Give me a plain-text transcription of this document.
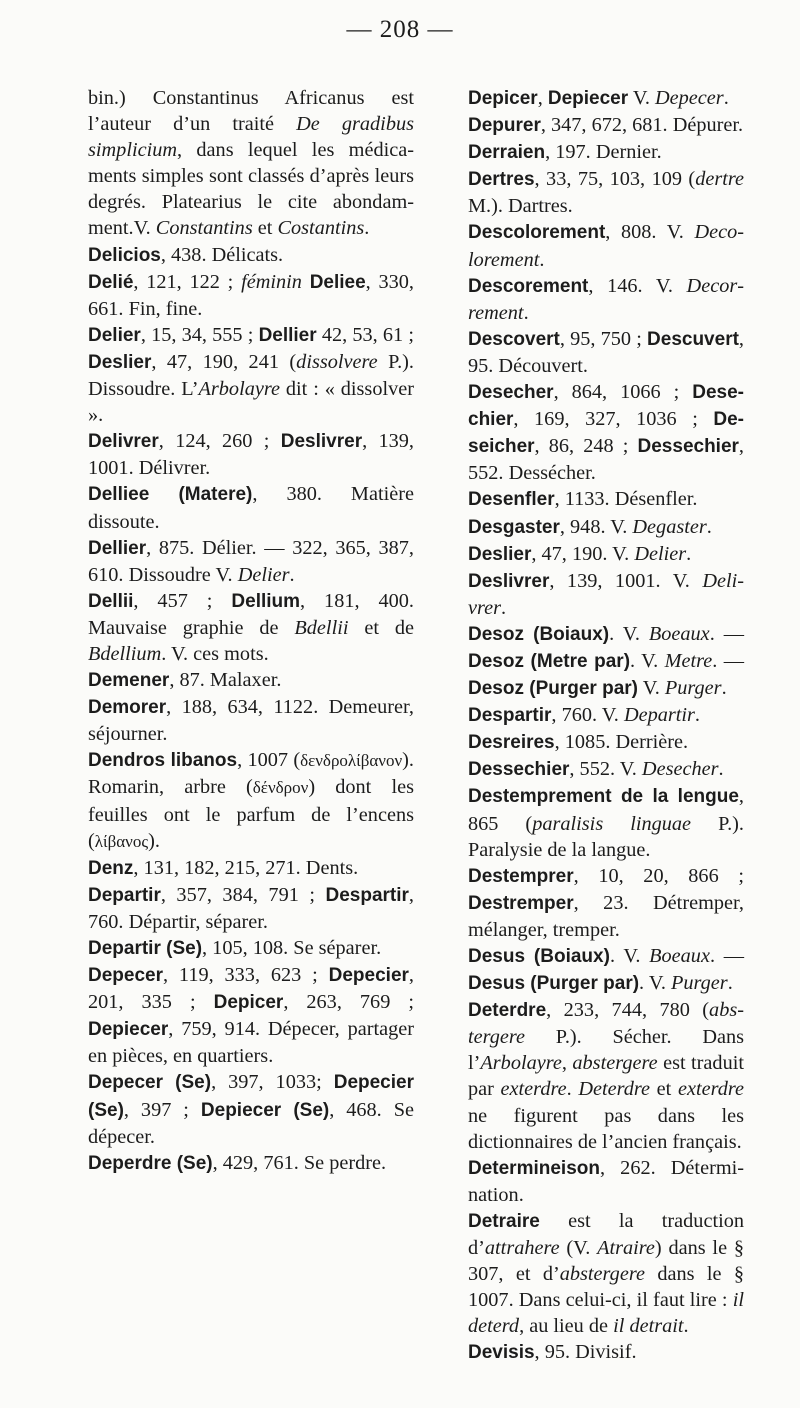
— 208 —

bin.) Constantinus Africanus est l’auteur d’un traité De gradibus simplicium, dans lequel les médicaments simples sont classés d’après leurs degrés. Platearius le cite abondamment.V. Constantins et Costantins.

Delicios, 438. Délicats.

Delié, 121, 122 ; féminin Deliee, 330, 661. Fin, fine.

Delier, 15, 34, 555 ; Dellier 42, 53, 61 ; Deslier, 47, 190, 241 (dissolvere P.). Dissoudre. L’Arbolayre dit : « dissolver ».

Delivrer, 124, 260 ; Deslivrer, 139, 1001. Délivrer.

Delliee (Matere), 380. Matière dissoute.

Dellier, 875. Délier. — 322, 365, 387, 610. Dissoudre V. Delier.

Dellii, 457 ; Dellium, 181, 400. Mauvaise graphie de Bdellii et de Bdellium. V. ces mots.

Demener, 87. Malaxer.

Demorer, 188, 634, 1122. Demeurer, séjourner.

Dendros libanos, 1007 (δενδρολίβανον). Romarin, arbre (δένδρον) dont les feuilles ont le parfum de l’encens (λίβανος).

Denz, 131, 182, 215, 271. Dents.

Departir, 357, 384, 791 ; Despartir, 760. Départir, séparer.

Departir (Se), 105, 108. Se séparer.

Depecer, 119, 333, 623 ; Depecier, 201, 335 ; Depicer, 263, 769 ; Depiecer, 759, 914. Dépecer, partager en pièces, en quartiers.

Depecer (Se), 397, 1033; Depecier (Se), 397 ; Depiecer (Se), 468. Se dépecer.

Deperdre (Se), 429, 761. Se perdre.

Depicer, Depiecer V. Depecer.

Depurer, 347, 672, 681. Dépurer.

Derraien, 197. Dernier.

Dertres, 33, 75, 103, 109 (dertre M.). Dartres.

Descolorement, 808. V. Decolorement.

Descorement, 146. V. Decorrement.

Descovert, 95, 750 ; Descuvert, 95. Découvert.

Desecher, 864, 1066 ; Desechier, 169, 327, 1036 ; Deseicher, 86, 248 ; Dessechier, 552. Dessécher.

Desenfler, 1133. Désenfler.

Desgaster, 948. V. Degaster.

Deslier, 47, 190. V. Delier.

Deslivrer, 139, 1001. V. Delivrer.

Desoz (Boiaux). V. Boeaux. — Desoz (Metre par). V. Metre. — Desoz (Purger par) V. Purger.

Despartir, 760. V. Departir.

Desreires, 1085. Derrière.

Dessechier, 552. V. Desecher.

Destemprement de la lengue, 865 (paralisis linguae P.). Paralysie de la langue.

Destemprer, 10, 20, 866 ; Destremper, 23. Détremper, mélanger, tremper.

Desus (Boiaux). V. Boeaux. — Desus (Purger par). V. Purger.

Deterdre, 233, 744, 780 (abstergere P.). Sécher. Dans l’Arbolayre, abstergere est traduit par exterdre. Deterdre et exterdre ne figurent pas dans les dictionnaires de l’ancien français.

Determineison, 262. Détermination.

Detraire est la traduction d’attrahere (V. Atraire) dans le § 307, et d’abstergere dans le § 1007. Dans celui-ci, il faut lire : il deterd, au lieu de il detrait.

Devisis, 95. Divisif.
